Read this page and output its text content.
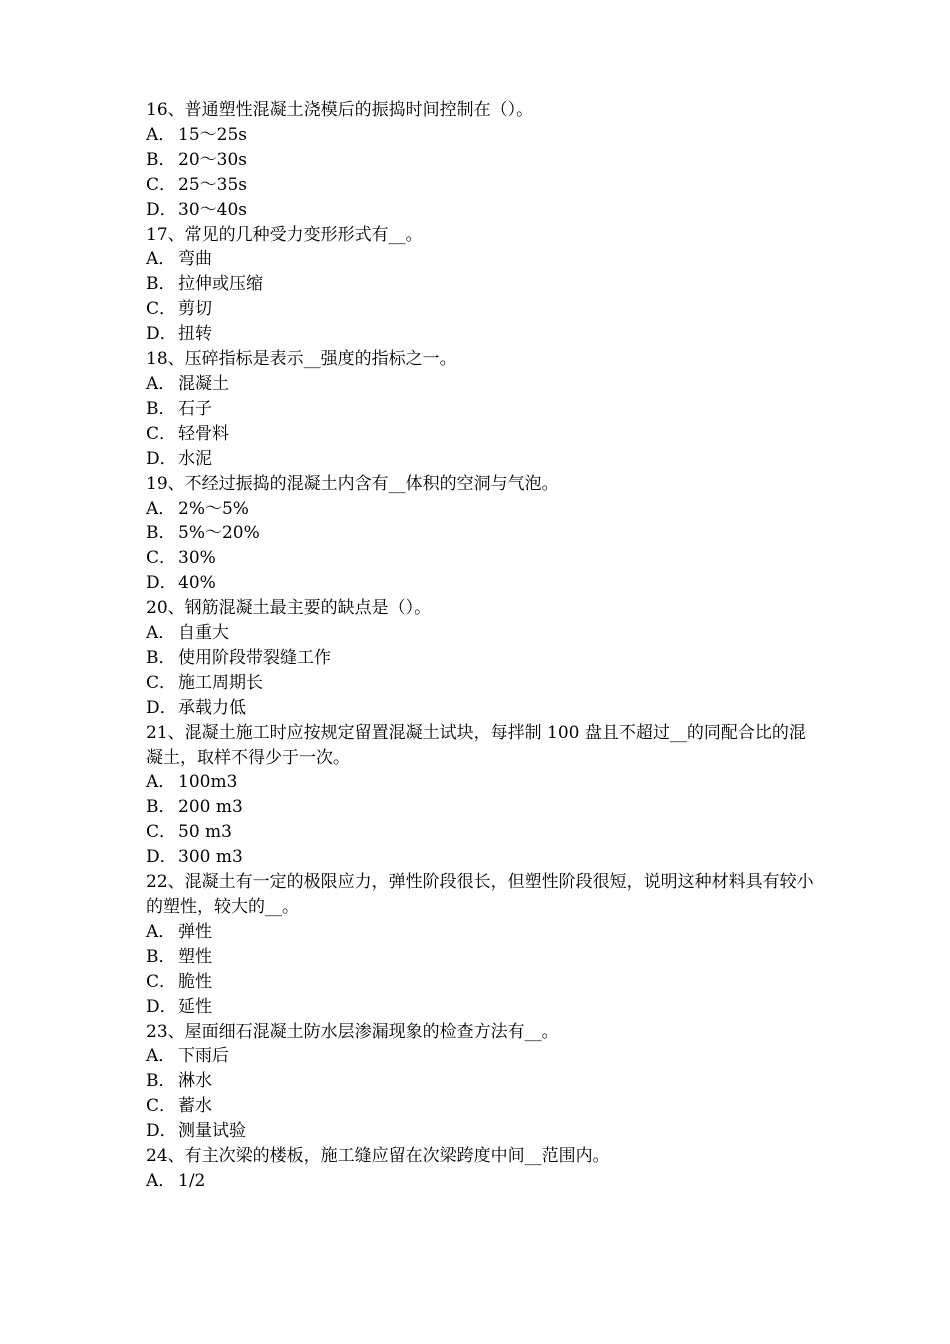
16、普通塑性混凝土浇模后的振捣时间控制在（）。
A． 15～25s
B． 20～30s
C． 25～35s
D．30～40s
17、常见的几种受力变形形式有__。
A． 弯曲
B． 拉伸或压缩
C． 剪切
D．扭转
18、压碎指标是表示__强度的指标之一。
A． 混凝土
B． 石子
C． 轻骨料
D．水泥
19、不经过振捣的混凝土内含有__体积的空洞与气泡。
A． 2%～5%
B． 5%～20%
C． 30%
D．40%
20、钢筋混凝土最主要的缺点是（）。
A． 自重大
B． 使用阶段带裂缝工作
C． 施工周期长
D．承载力低
21、混凝土施工时应按规定留置混凝土试块，每拌制 100 盘且不超过__的同配合比的混凝土，取样不得少于一次。
A． 100m3
B． 200 m3
C． 50 m3
D．300 m3
22、混凝土有一定的极限应力，弹性阶段很长，但塑性阶段很短，说明这种材料具有较小的塑性，较大的__。
A． 弹性
B． 塑性
C． 脆性
D．延性
23、屋面细石混凝土防水层渗漏现象的检查方法有__。
A． 下雨后
B． 淋水
C． 蓄水
D．测量试验
24、有主次梁的楼板，施工缝应留在次梁跨度中间__范围内。
A． 1/2
